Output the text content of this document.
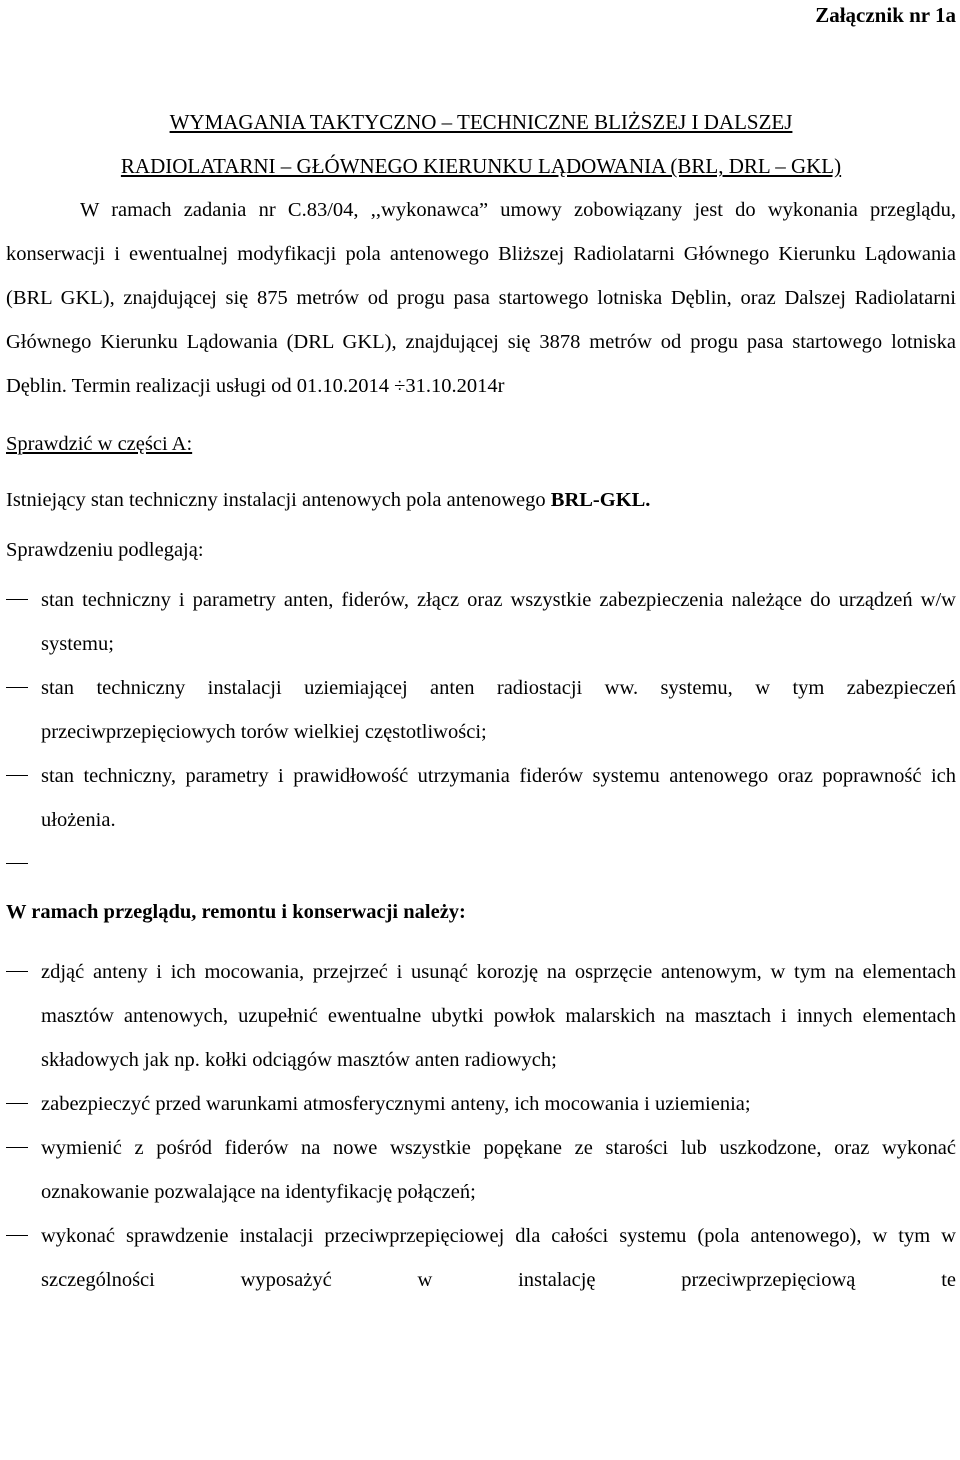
Załącznik nr 1a

WYMAGANIA TAKTYCZNO – TECHNICZNE BLIŻSZEJ I DALSZEJ
RADIOLATARNI – GŁÓWNEGO KIERUNKU LĄDOWANIA (BRL, DRL – GKL)

W ramach zadania nr C.83/04, ,,wykonawca” umowy zobowiązany jest do wykonania przeglądu, konserwacji i ewentualnej modyfikacji pola antenowego Bliższej Radiolatarni Głównego Kierunku Lądowania (BRL GKL), znajdującej się 875 metrów od progu pasa startowego lotniska Dęblin, oraz Dalszej Radiolatarni Głównego Kierunku Lądowania (DRL GKL), znajdującej się 3878 metrów od progu pasa startowego lotniska Dęblin. Termin realizacji usługi od 01.10.2014 ÷31.10.2014r

Sprawdzić w części A:

Istniejący stan techniczny instalacji antenowych pola antenowego BRL-GKL.

Sprawdzeniu podlegają:

stan techniczny i parametry anten, fiderów, złącz oraz wszystkie zabezpieczenia należące do urządzeń w/w systemu;
stan techniczny instalacji uziemiającej anten radiostacji ww. systemu, w tym zabezpieczeń przeciwprzepięciowych torów wielkiej częstotliwości;
stan techniczny, parametry i prawidłowość utrzymania fiderów systemu antenowego oraz poprawność ich ułożenia.

W ramach przeglądu, remontu i konserwacji należy:

zdjąć anteny i ich mocowania, przejrzeć i usunąć korozję na osprzęcie antenowym, w tym na elementach masztów antenowych, uzupełnić ewentualne ubytki powłok malarskich na masztach i innych elementach składowych jak np. kołki odciągów masztów anten radiowych;
zabezpieczyć przed warunkami atmosferycznymi anteny, ich mocowania i uziemienia;
wymienić z pośród fiderów na nowe wszystkie popękane ze starości lub uszkodzone, oraz wykonać oznakowanie pozwalające na identyfikację połączeń;
wykonać sprawdzenie instalacji przeciwprzepięciowej dla całości systemu (pola antenowego), w tym w szczególności wyposażyć w instalację przeciwprzepięciową te
